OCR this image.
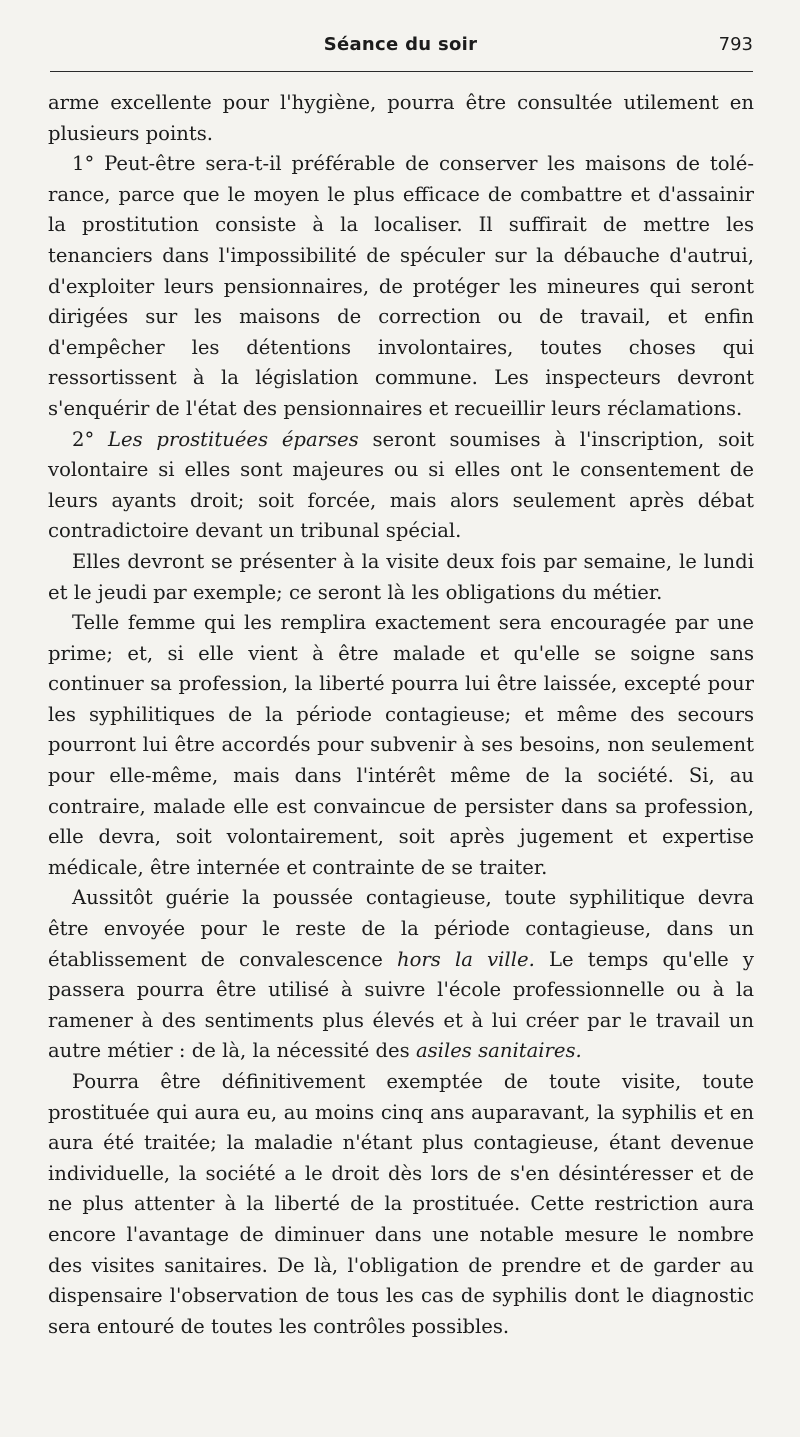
Séance du soir	793

arme excellente pour l'hygiène, pourra être consultée utilement en plusieurs points.

1° Peut-être sera-t-il préférable de conserver les maisons de tolérance, parce que le moyen le plus efficace de combattre et d'assainir la prostitution consiste à la localiser. Il suffirait de mettre les tenanciers dans l'impossibilité de spéculer sur la débauche d'autrui, d'exploiter leurs pensionnaires, de protéger les mineures qui seront dirigées sur les maisons de correction ou de travail, et enfin d'empêcher les détentions involontaires, toutes choses qui ressortissent à la législation commune. Les inspecteurs devront s'enquérir de l'état des pensionnaires et recueillir leurs réclamations.

2° Les prostituées éparses seront soumises à l'inscription, soit volontaire si elles sont majeures ou si elles ont le consentement de leurs ayants droit; soit forcée, mais alors seulement après débat contradictoire devant un tribunal spécial.

Elles devront se présenter à la visite deux fois par semaine, le lundi et le jeudi par exemple; ce seront là les obligations du métier.

Telle femme qui les remplira exactement sera encouragée par une prime; et, si elle vient à être malade et qu'elle se soigne sans continuer sa profession, la liberté pourra lui être laissée, excepté pour les syphilitiques de la période contagieuse; et même des secours pourront lui être accordés pour subvenir à ses besoins, non seulement pour elle-même, mais dans l'intérêt même de la société. Si, au contraire, malade elle est convaincue de persister dans sa profession, elle devra, soit volontairement, soit après jugement et expertise médicale, être internée et contrainte de se traiter.

Aussitôt guérie la poussée contagieuse, toute syphilitique devra être envoyée pour le reste de la période contagieuse, dans un établissement de convalescence hors la ville. Le temps qu'elle y passera pourra être utilisé à suivre l'école professionnelle ou à la ramener à des sentiments plus élevés et à lui créer par le travail un autre métier : de là, la nécessité des asiles sanitaires.

Pourra être définitivement exemptée de toute visite, toute prostituée qui aura eu, au moins cinq ans auparavant, la syphilis et en aura été traitée; la maladie n'étant plus contagieuse, étant devenue individuelle, la société a le droit dès lors de s'en désintéresser et de ne plus attenter à la liberté de la prostituée. Cette restriction aura encore l'avantage de diminuer dans une notable mesure le nombre des visites sanitaires. De là, l'obligation de prendre et de garder au dispensaire l'observation de tous les cas de syphilis dont le diagnostic sera entouré de toutes les contrôles possibles.
